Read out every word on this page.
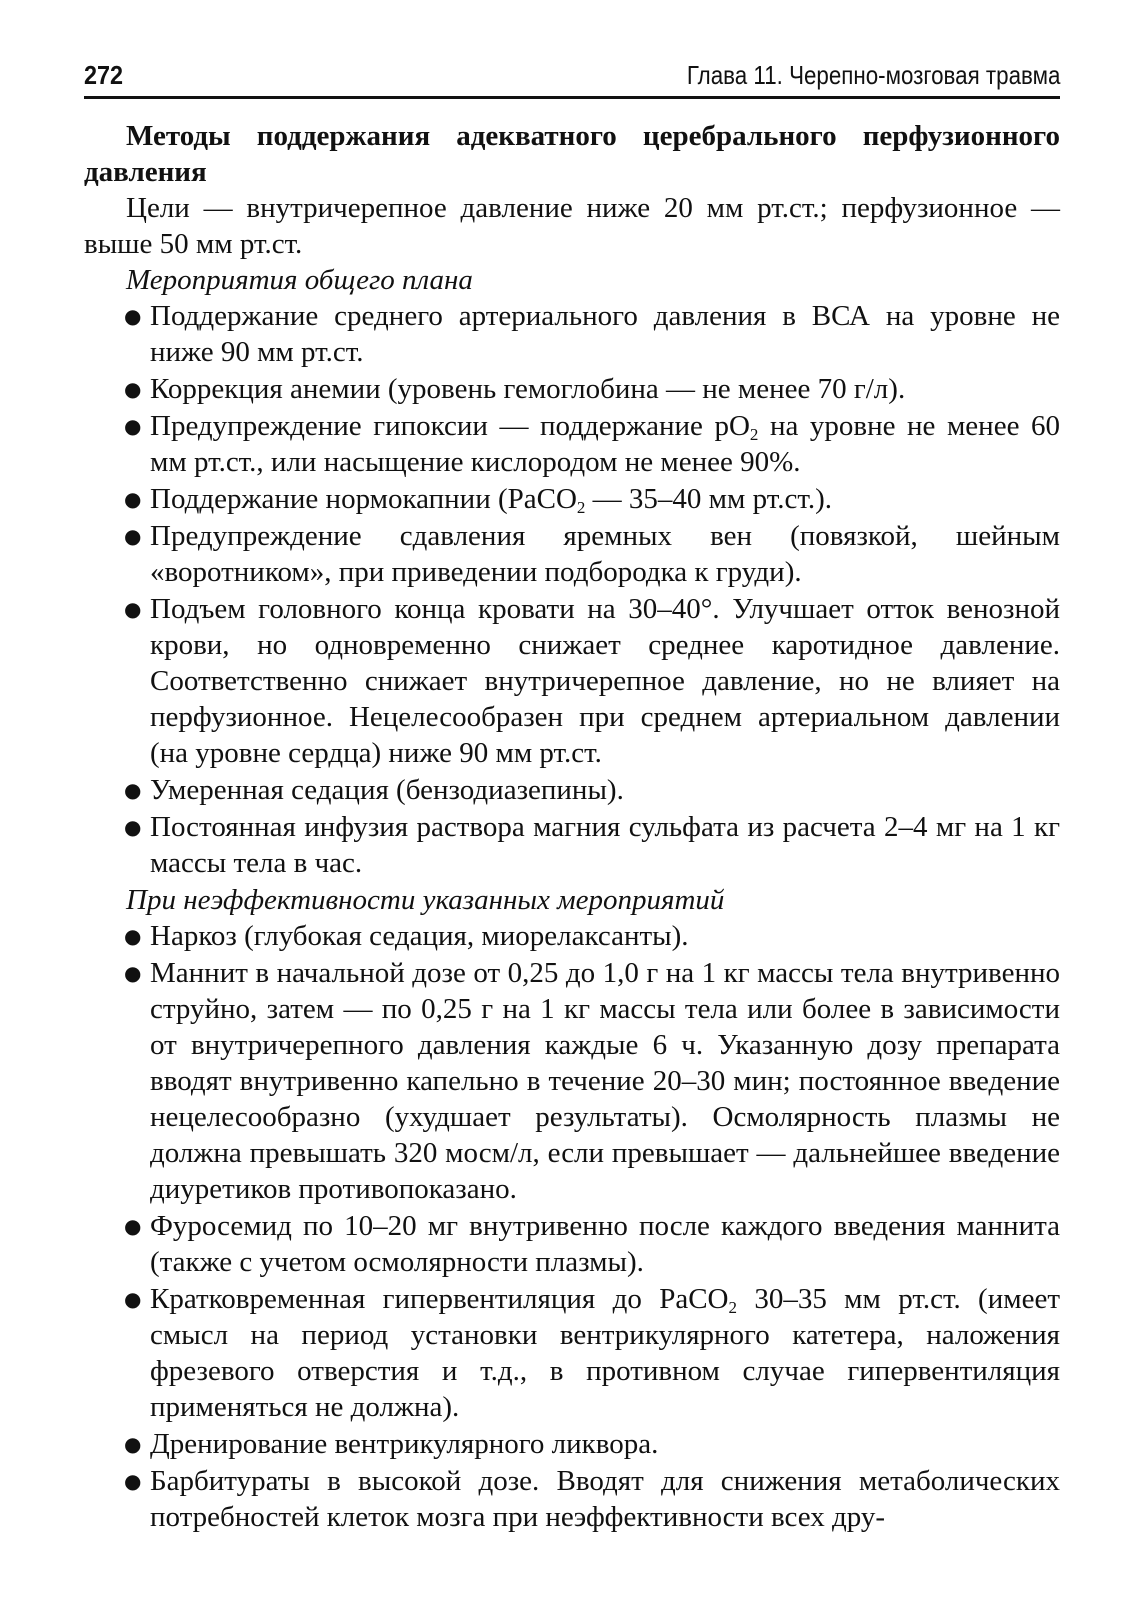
272	Глава 11. Черепно-мозговая травма

Методы поддержания адекватного церебрального перфузионного давления

Цели — внутричерепное давление ниже 20 мм рт.ст.; перфузионное — выше 50 мм рт.ст.

Мероприятия общего плана

● Поддержание среднего артериального давления в ВСА на уровне не ниже 90 мм рт.ст.
● Коррекция анемии (уровень гемоглобина — не менее 70 г/л).
● Предупреждение гипоксии — поддержание $pO_2$ на уровне не менее 60 мм рт.ст., или насыщение кислородом не менее 90%.
● Поддержание нормокапнии (PaCO$_2$ — 35–40 мм рт.ст.).
● Предупреждение сдавления яремных вен (повязкой, шейным «воротником», при приведении подбородка к груди).
● Подъем головного конца кровати на 30–40°. Улучшает отток венозной крови, но одновременно снижает среднее каротидное давление. Соответственно снижает внутричерепное давление, но не влияет на перфузионное. Нецелесообразен при среднем артериальном давлении (на уровне сердца) ниже 90 мм рт.ст.
● Умеренная седация (бензодиазепины).
● Постоянная инфузия раствора магния сульфата из расчета 2–4 мг на 1 кг массы тела в час.

При неэффективности указанных мероприятий

● Наркоз (глубокая седация, миорелаксанты).
● Маннит в начальной дозе от 0,25 до 1,0 г на 1 кг массы тела внутривенно струйно, затем — по 0,25 г на 1 кг массы тела или более в зависимости от внутричерепного давления каждые 6 ч. Указанную дозу препарата вводят внутривенно капельно в течение 20–30 мин; постоянное введение нецелесообразно (ухудшает результаты). Осмолярность плазмы не должна превышать 320 мосм/л, если превышает — дальнейшее введение диуретиков противопоказано.
● Фуросемид по 10–20 мг внутривенно после каждого введения маннита (также с учетом осмолярности плазмы).
● Кратковременная гипервентиляция до PaCO$_2$ 30–35 мм рт.ст. (имеет смысл на период установки вентрикулярного катетера, наложения фрезевого отверстия и т.д., в противном случае гипервентиляция применяться не должна).
● Дренирование вентрикулярного ликвора.
● Барбитураты в высокой дозе. Вводят для снижения метаболических потребностей клеток мозга при неэффективности всех дру-
